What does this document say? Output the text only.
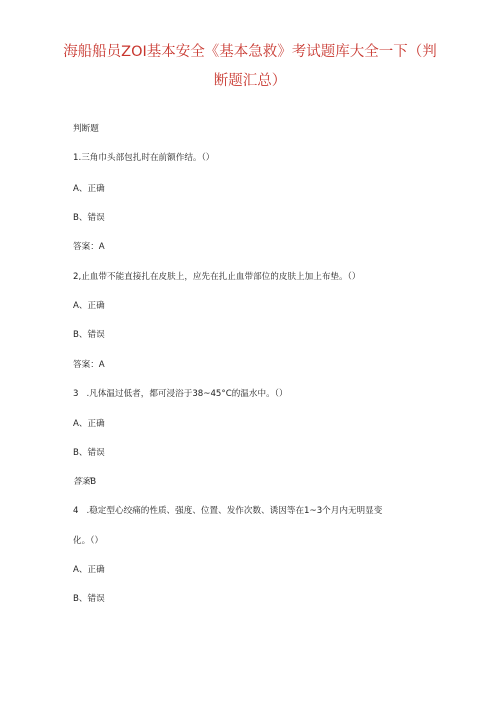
海船船员ZOI基本安全《基本急救》考试题库大全一下（判
断题汇总）
判断题
1.三角巾头部包扎时在前额作结。（）
A、正确
B、错误
答案：A
2,止血带不能直接扎在皮肤上，应先在扎止血带部位的皮肤上加上布垫。（）
A、正确
B、错误
答案：A
3 .凡体温过低者，都可浸浴于38~45°C的温水中。（）
A、正确
B、错误
答案B
4 .稳定型心绞痛的性质、强度、位置、发作次数、诱因等在1~3个月内无明显变
化。（）
A、正确
B、错误
